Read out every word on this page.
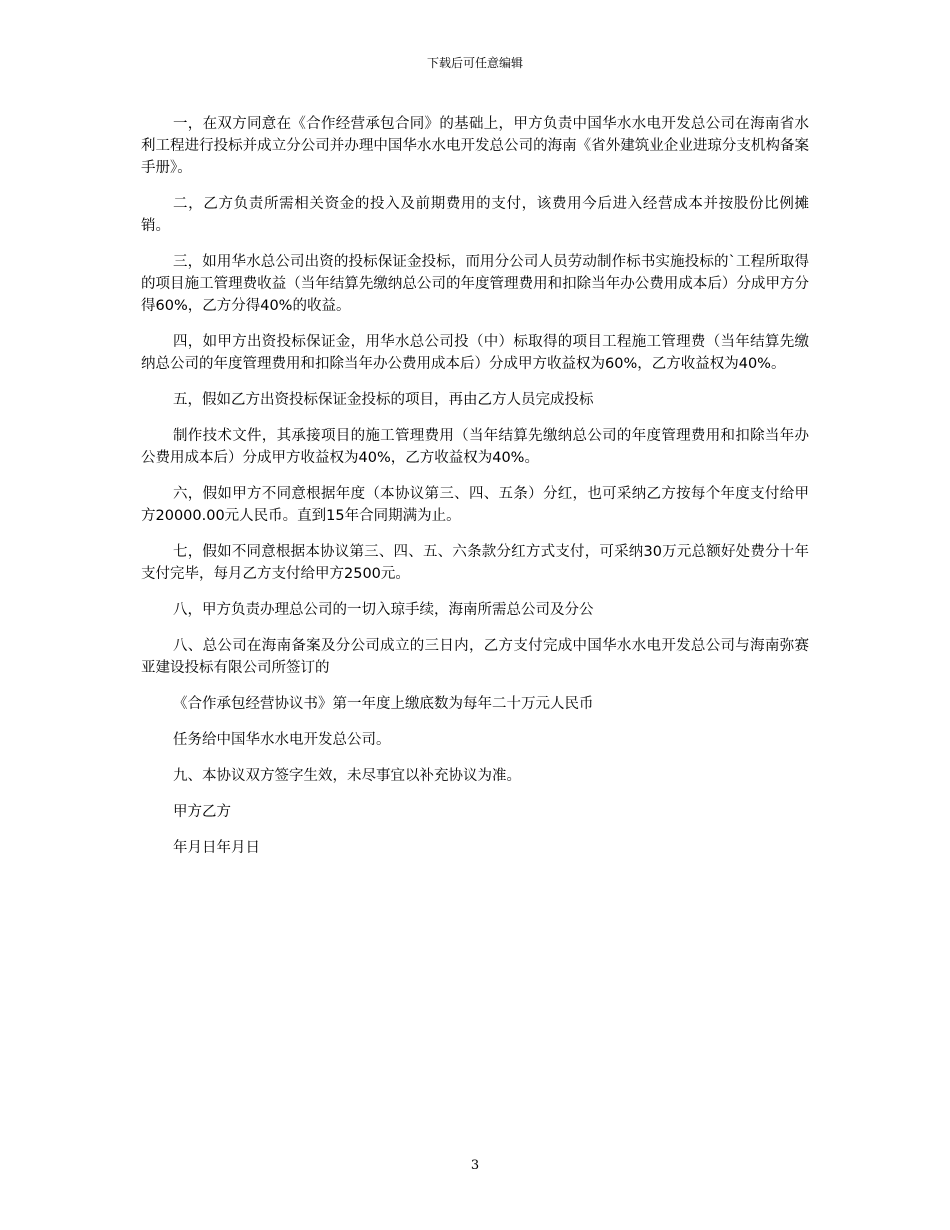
下载后可任意编辑

一，在双方同意在《合作经营承包合同》的基础上，甲方负责中国华水水电开发总公司在海南省水利工程进行投标并成立分公司并办理中国华水水电开发总公司的海南《省外建筑业企业进琼分支机构备案手册》。

二，乙方负责所需相关资金的投入及前期费用的支付，该费用今后进入经营成本并按股份比例摊销。

三，如用华水总公司出资的投标保证金投标，而用分公司人员劳动制作标书实施投标的`工程所取得的项目施工管理费收益（当年结算先缴纳总公司的年度管理费用和扣除当年办公费用成本后）分成甲方分得60%，乙方分得40%的收益。

四，如甲方出资投标保证金，用华水总公司投（中）标取得的项目工程施工管理费（当年结算先缴纳总公司的年度管理费用和扣除当年办公费用成本后）分成甲方收益权为60%，乙方收益权为40%。

五，假如乙方出资投标保证金投标的项目，再由乙方人员完成投标

制作技术文件，其承接项目的施工管理费用（当年结算先缴纳总公司的年度管理费用和扣除当年办公费用成本后）分成甲方收益权为40%，乙方收益权为40%。

六，假如甲方不同意根据年度（本协议第三、四、五条）分红，也可采纳乙方按每个年度支付给甲方20000.00元人民币。直到15年合同期满为止。

七，假如不同意根据本协议第三、四、五、六条款分红方式支付，可采纳30万元总额好处费分十年支付完毕，每月乙方支付给甲方2500元。

八，甲方负责办理总公司的一切入琼手续，海南所需总公司及分公

八、总公司在海南备案及分公司成立的三日内，乙方支付完成中国华水水电开发总公司与海南弥赛亚建设投标有限公司所签订的

《合作承包经营协议书》第一年度上缴底数为每年二十万元人民币

任务给中国华水水电开发总公司。

九、本协议双方签字生效，未尽事宜以补充协议为准。

甲方乙方

年月日年月日

3
